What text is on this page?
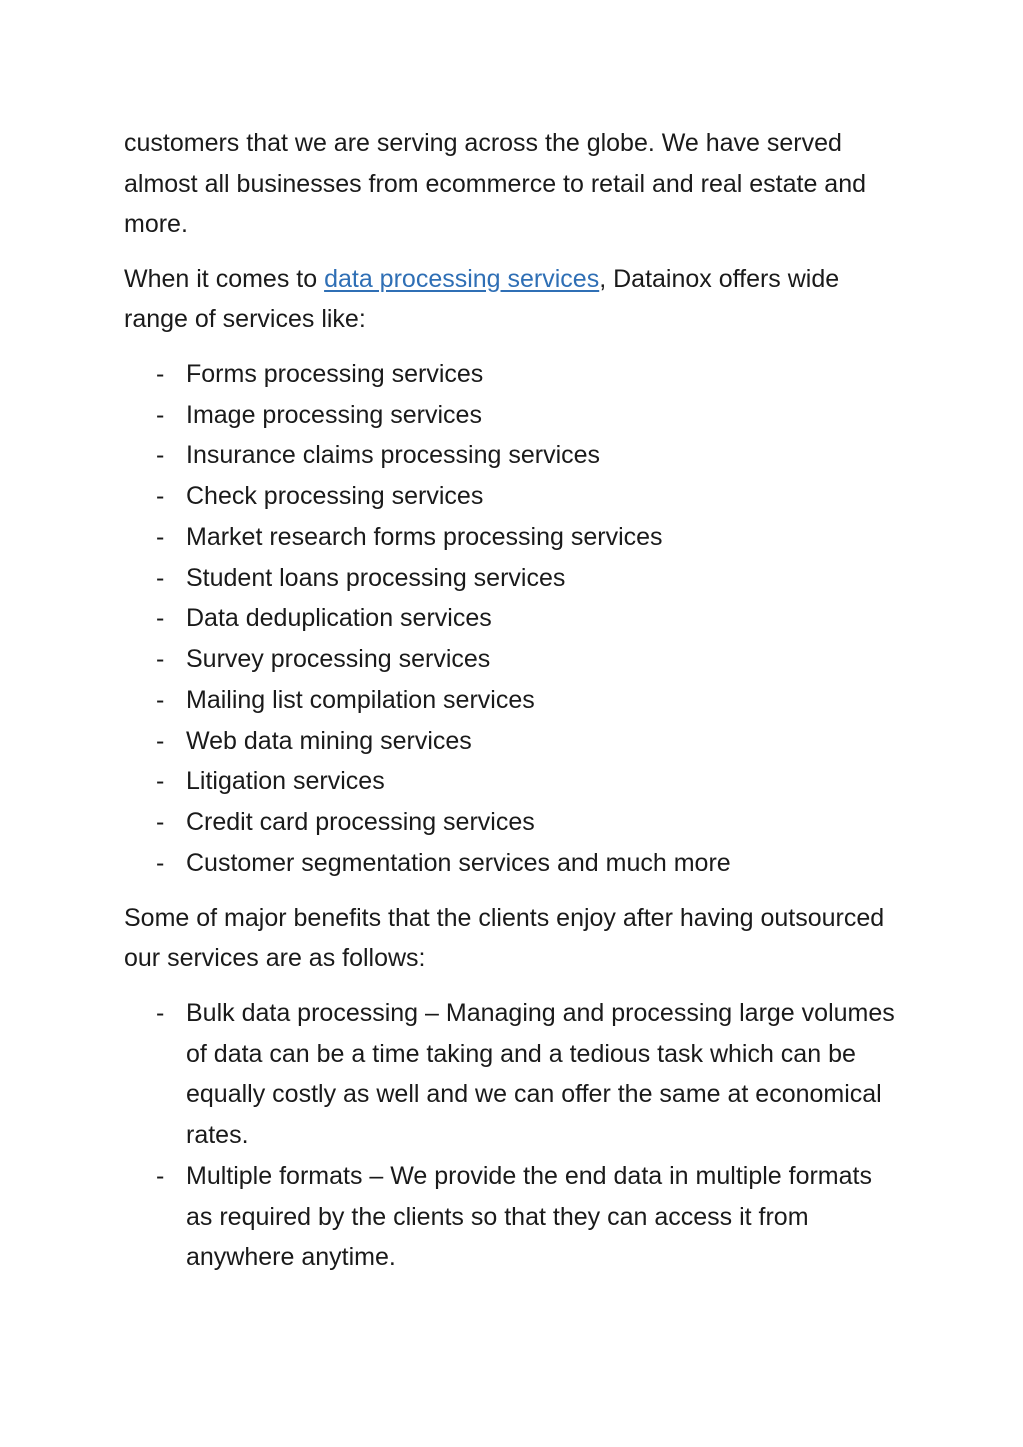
customers that we are serving across the globe. We have served almost all businesses from ecommerce to retail and real estate and more.

When it comes to data processing services, Datainox offers wide range of services like:

- Forms processing services
- Image processing services
- Insurance claims processing services
- Check processing services
- Market research forms processing services
- Student loans processing services
- Data deduplication services
- Survey processing services
- Mailing list compilation services
- Web data mining services
- Litigation services
- Credit card processing services
- Customer segmentation services and much more

Some of major benefits that the clients enjoy after having outsourced our services are as follows:

- Bulk data processing – Managing and processing large volumes of data can be a time taking and a tedious task which can be equally costly as well and we can offer the same at economical rates.
- Multiple formats – We provide the end data in multiple formats as required by the clients so that they can access it from anywhere anytime.
